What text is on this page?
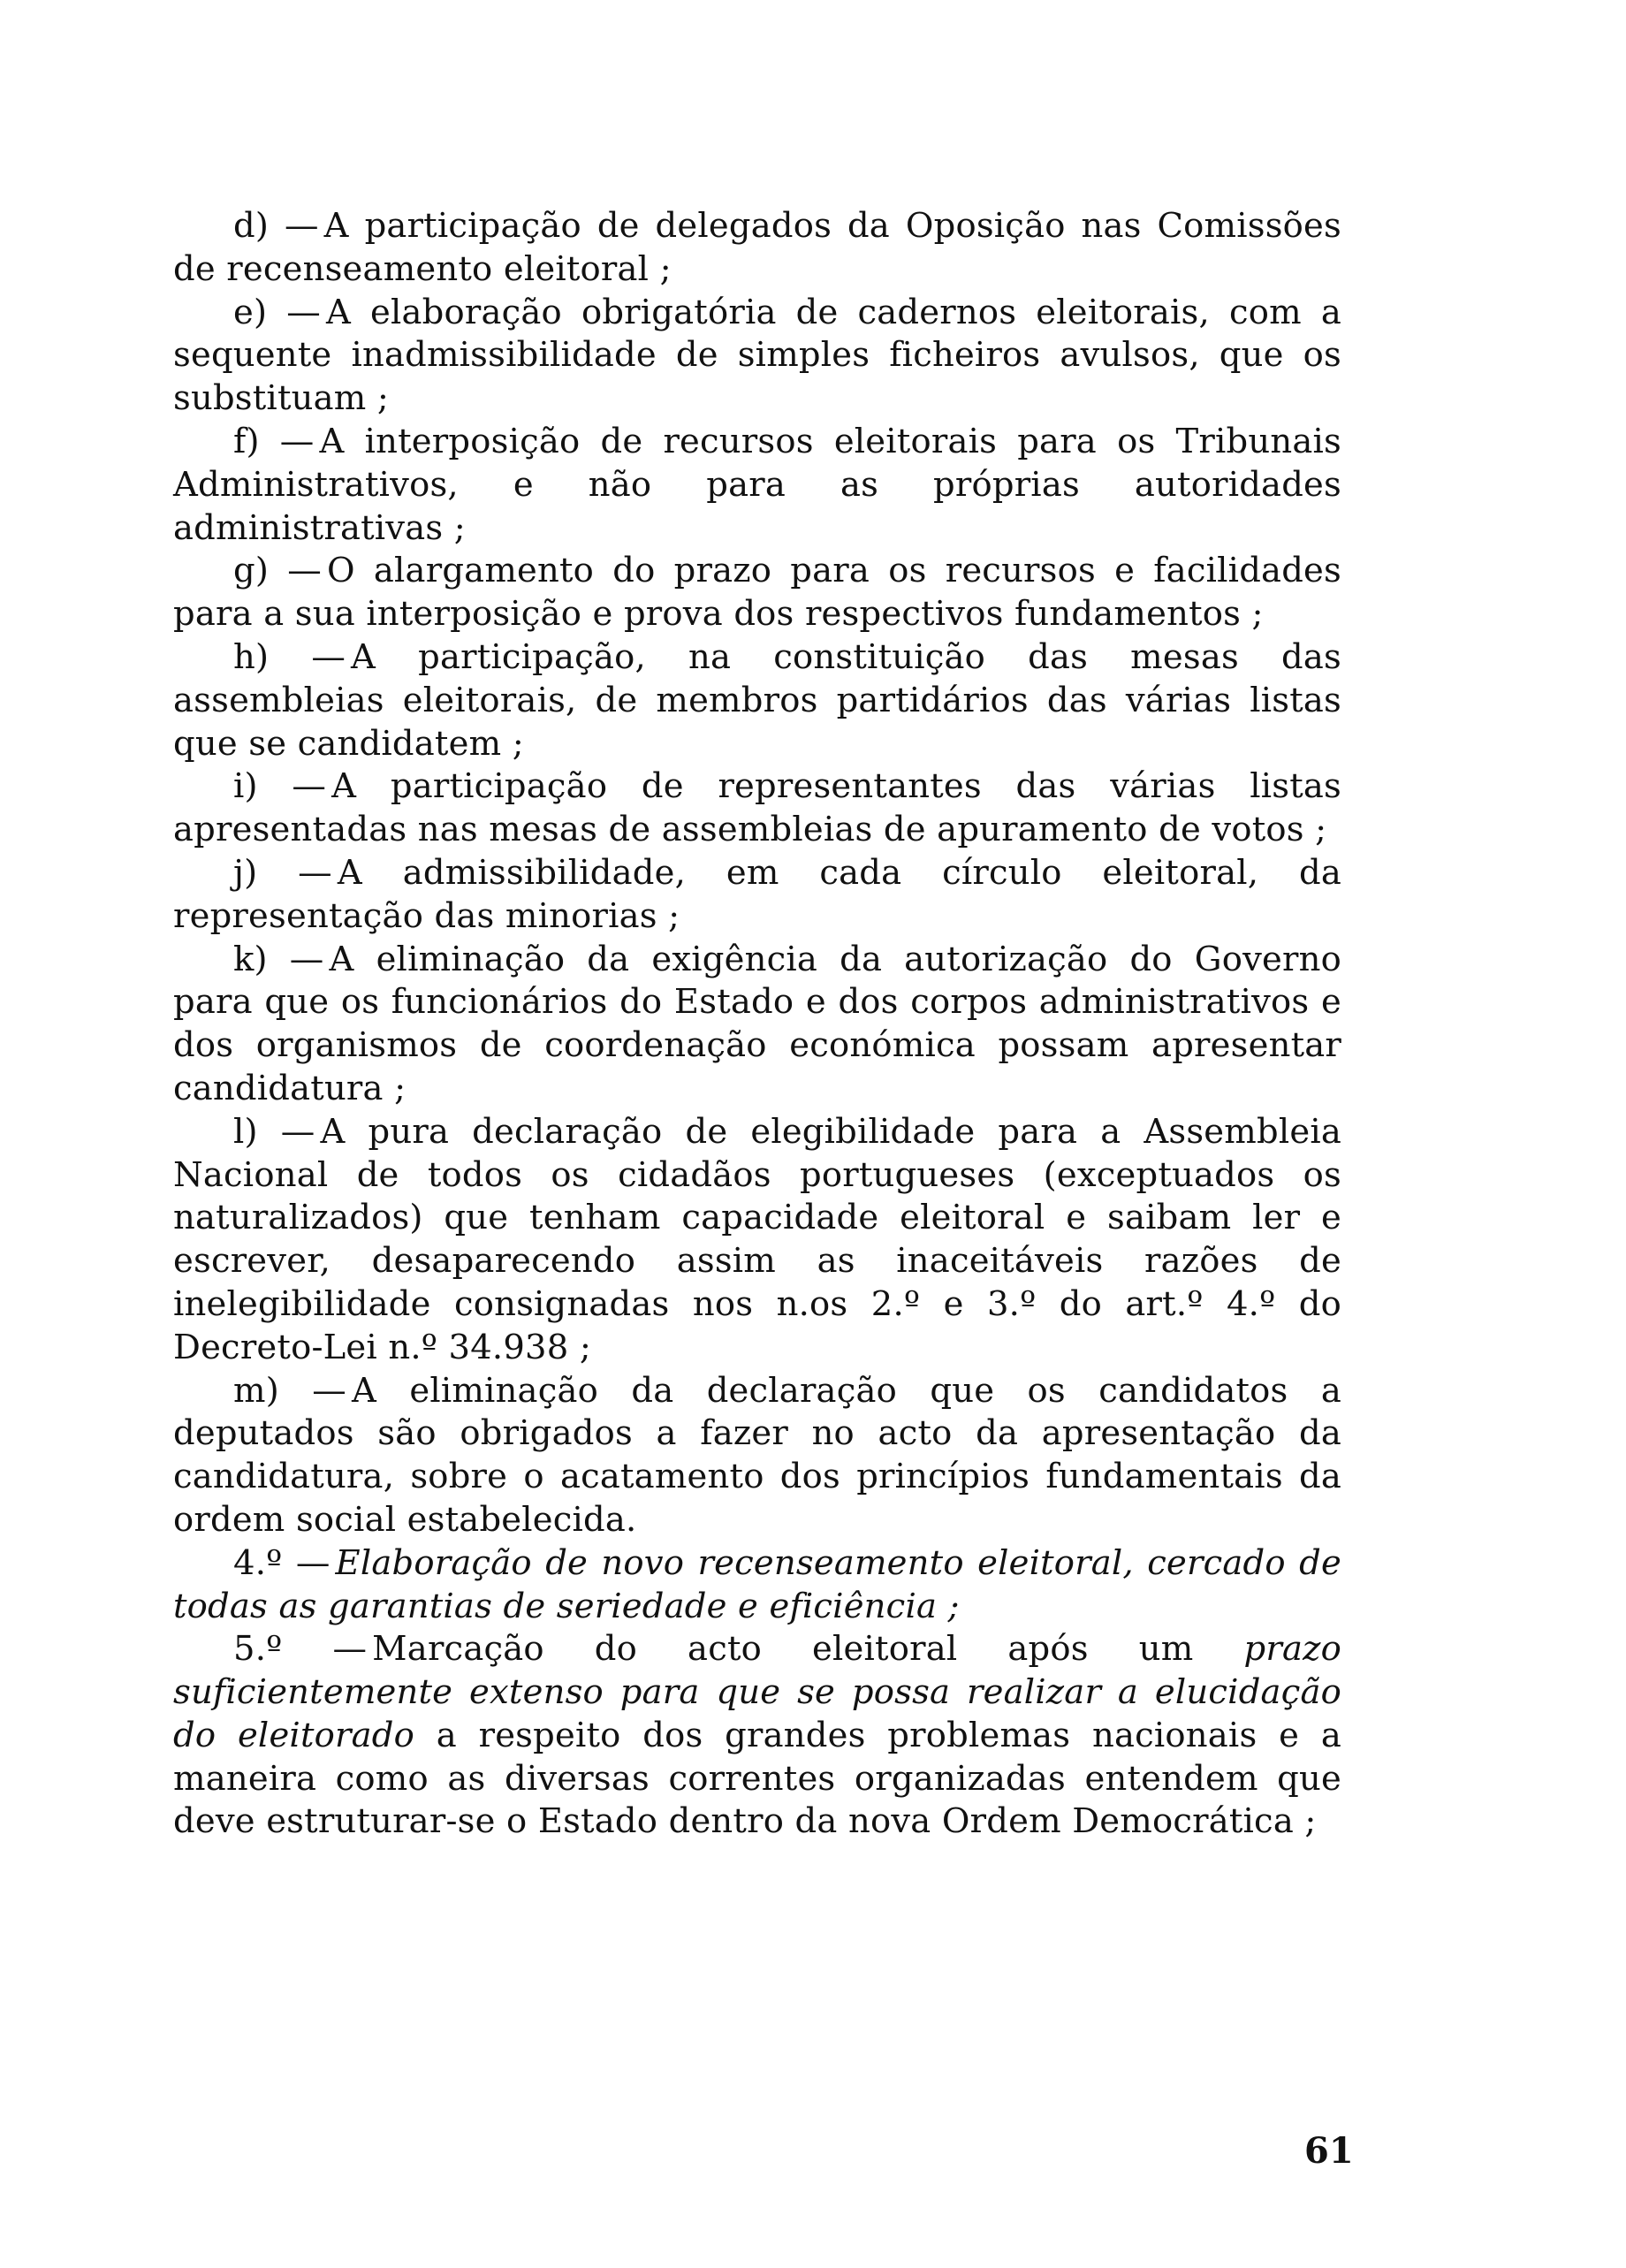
d) — A participação de delegados da Oposição nas Comissões de recenseamento eleitoral ;

e) — A elaboração obrigatória de cadernos eleitorais, com a sequente inadmissibilidade de simples ficheiros avulsos, que os substituam ;

f) — A interposição de recursos eleitorais para os Tribunais Administrativos, e não para as próprias autoridades administrativas ;

g) — O alargamento do prazo para os recursos e facilidades para a sua interposição e prova dos respectivos fundamentos ;

h) — A participação, na constituição das mesas das assembleias eleitorais, de membros partidários das várias listas que se candidatem ;

i) — A participação de representantes das várias listas apresentadas nas mesas de assembleias de apuramento de votos ;

j) — A admissibilidade, em cada círculo eleitoral, da representação das minorias ;

k) — A eliminação da exigência da autorização do Governo para que os funcionários do Estado e dos corpos administrativos e dos organismos de coordenação económica possam apresentar candidatura ;

l) — A pura declaração de elegibilidade para a Assembleia Nacional de todos os cidadãos portugueses (exceptuados os naturalizados) que tenham capacidade eleitoral e saibam ler e escrever, desaparecendo assim as inaceitáveis razões de inelegibilidade consignadas nos n.os 2.º e 3.º do art.º 4.º do Decreto-Lei n.º 34.938 ;

m) — A eliminação da declaração que os candidatos a deputados são obrigados a fazer no acto da apresentação da candidatura, sobre o acatamento dos princípios fundamentais da ordem social estabelecida.

4.º — Elaboração de novo recenseamento eleitoral, cercado de todas as garantias de seriedade e eficiência ;

5.º — Marcação do acto eleitoral após um prazo suficientemente extenso para que se possa realizar a elucidação do eleitorado a respeito dos grandes problemas nacionais e a maneira como as diversas correntes organizadas entendem que deve estruturar-se o Estado dentro da nova Ordem Democrática ;

61
